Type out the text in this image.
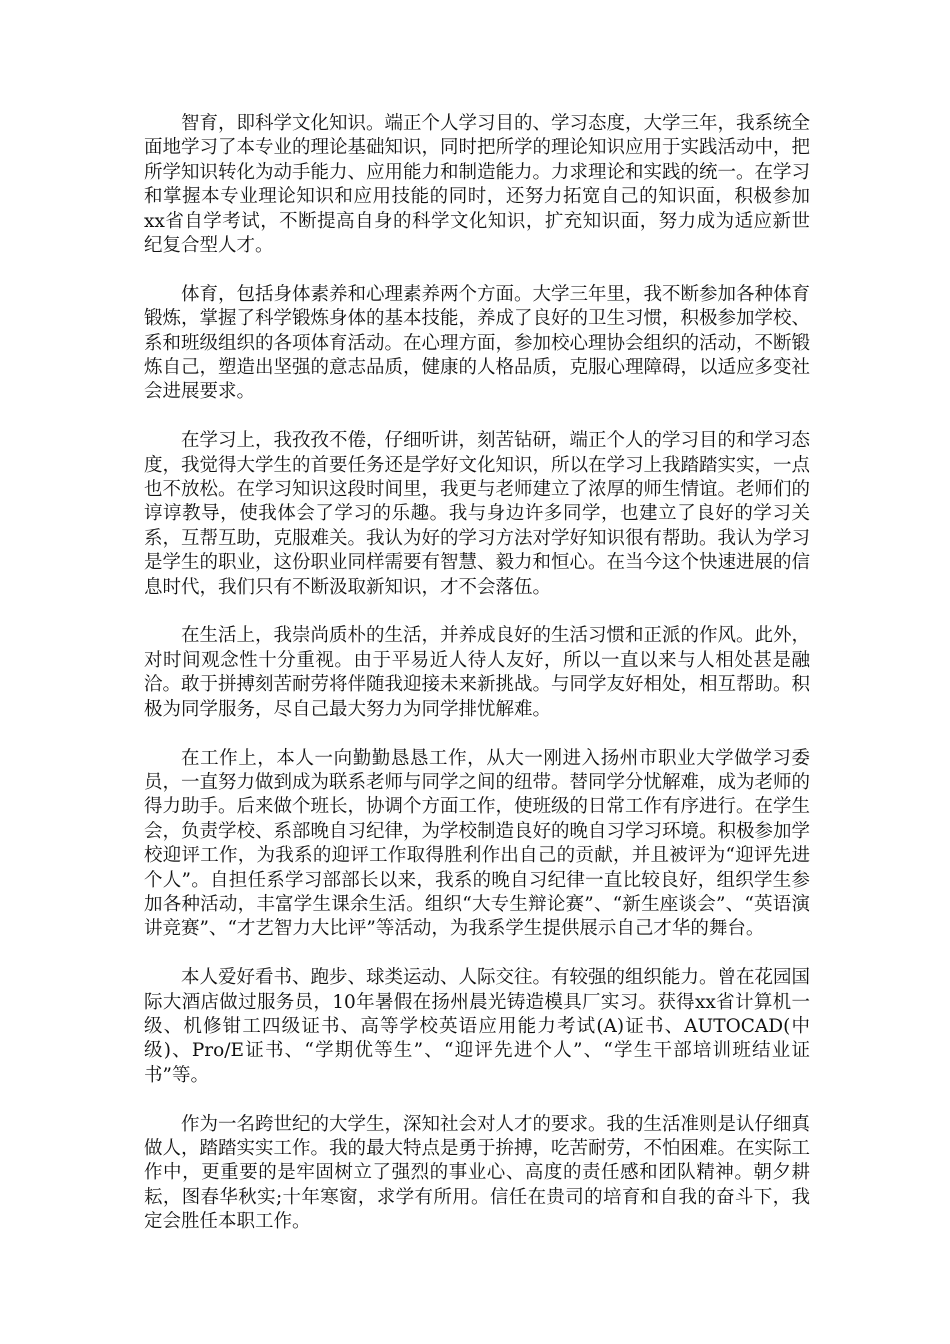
智育，即科学文化知识。端正个人学习目的、学习态度，大学三年，我系统全面地学习了本专业的理论基础知识，同时把所学的理论知识应用于实践活动中，把所学知识转化为动手能力、应用能力和制造能力。力求理论和实践的统一。在学习和掌握本专业理论知识和应用技能的同时，还努力拓宽自己的知识面，积极参加xx省自学考试，不断提高自身的科学文化知识，扩充知识面，努力成为适应新世纪复合型人才。

体育，包括身体素养和心理素养两个方面。大学三年里，我不断参加各种体育锻炼，掌握了科学锻炼身体的基本技能，养成了良好的卫生习惯，积极参加学校、系和班级组织的各项体育活动。在心理方面，参加校心理协会组织的活动，不断锻炼自己，塑造出坚强的意志品质，健康的人格品质，克服心理障碍，以适应多变社会进展要求。

在学习上，我孜孜不倦，仔细听讲，刻苦钻研，端正个人的学习目的和学习态度，我觉得大学生的首要任务还是学好文化知识，所以在学习上我踏踏实实，一点也不放松。在学习知识这段时间里，我更与老师建立了浓厚的师生情谊。老师们的谆谆教导，使我体会了学习的乐趣。我与身边许多同学，也建立了良好的学习关系，互帮互助，克服难关。我认为好的学习方法对学好知识很有帮助。我认为学习是学生的职业，这份职业同样需要有智慧、毅力和恒心。在当今这个快速进展的信息时代，我们只有不断汲取新知识，才不会落伍。

在生活上，我崇尚质朴的生活，并养成良好的生活习惯和正派的作风。此外，对时间观念性十分重视。由于平易近人待人友好，所以一直以来与人相处甚是融洽。敢于拼搏刻苦耐劳将伴随我迎接未来新挑战。与同学友好相处，相互帮助。积极为同学服务，尽自己最大努力为同学排忧解难。

在工作上，本人一向勤勤恳恳工作，从大一刚进入扬州市职业大学做学习委员，一直努力做到成为联系老师与同学之间的纽带。替同学分忧解难，成为老师的得力助手。后来做个班长，协调个方面工作，使班级的日常工作有序进行。在学生会，负责学校、系部晚自习纪律，为学校制造良好的晚自习学习环境。积极参加学校迎评工作，为我系的迎评工作取得胜利作出自己的贡献，并且被评为“迎评先进个人”。自担任系学习部部长以来，我系的晚自习纪律一直比较良好，组织学生参加各种活动，丰富学生课余生活。组织“大专生辩论赛”、“新生座谈会”、“英语演讲竞赛”、“才艺智力大比评”等活动，为我系学生提供展示自己才华的舞台。

本人爱好看书、跑步、球类运动、人际交往。有较强的组织能力。曾在花园国际大酒店做过服务员，10年暑假在扬州晨光铸造模具厂实习。获得xx省计算机一级、机修钳工四级证书、高等学校英语应用能力考试(A)证书、AUTOCAD(中级)、Pro/E证书、“学期优等生”、“迎评先进个人”、“学生干部培训班结业证书”等。

作为一名跨世纪的大学生，深知社会对人才的要求。我的生活准则是认仔细真做人，踏踏实实工作。我的最大特点是勇于拚搏，吃苦耐劳，不怕困难。在实际工作中，更重要的是牢固树立了强烈的事业心、高度的责任感和团队精神。朝夕耕耘，图春华秋实;十年寒窗，求学有所用。信任在贵司的培育和自我的奋斗下，我定会胜任本职工作。
